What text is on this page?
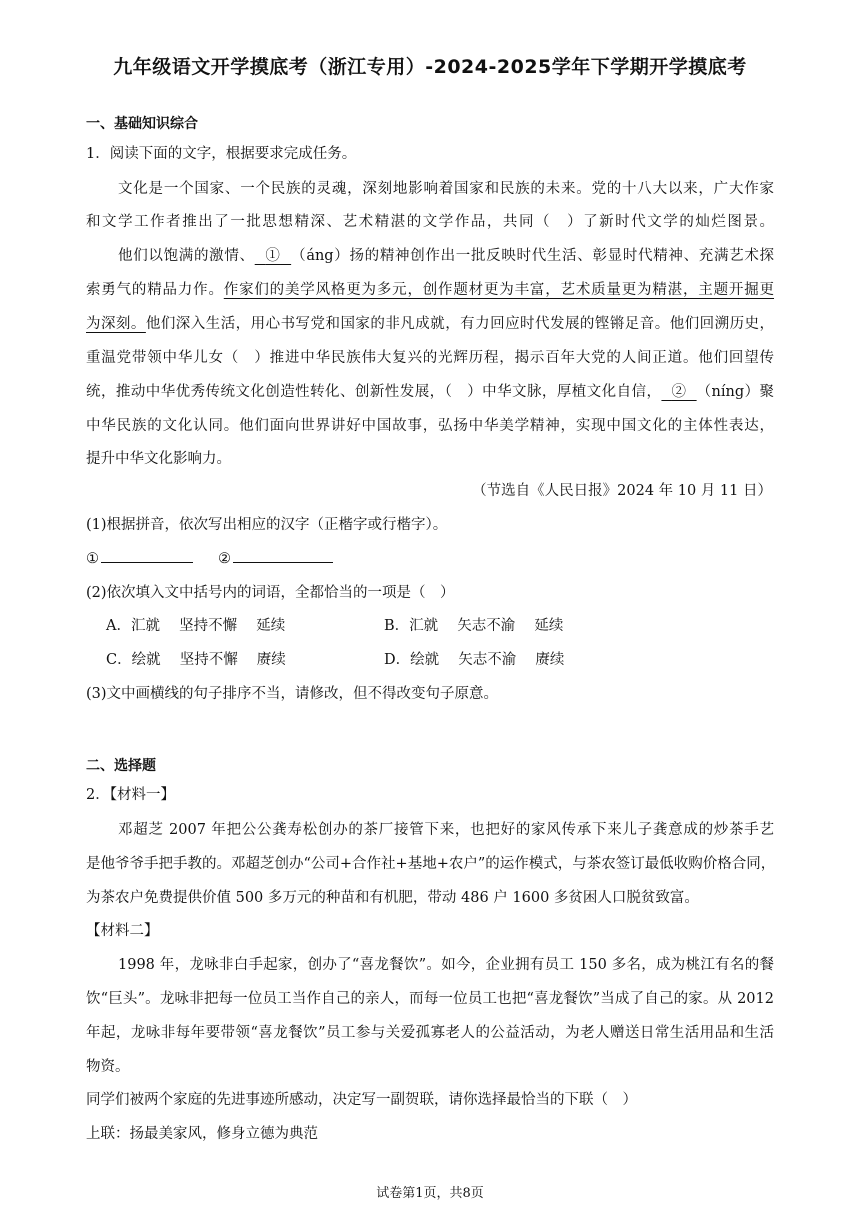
九年级语文开学摸底考（浙江专用）-2024-2025学年下学期开学摸底考
一、基础知识综合
1．阅读下面的文字，根据要求完成任务。
文化是一个国家、一个民族的灵魂，深刻地影响着国家和民族的未来。党的十八大以来，广大作家
和文学工作者推出了一批思想精深、艺术精湛的文学作品，共同（　）了新时代文学的灿烂图景。
他们以饱满的激情、 ① （áng）扬的精神创作出一批反映时代生活、彰显时代精神、充满艺术探
索勇气的精品力作。作家们的美学风格更为多元，创作题材更为丰富，艺术质量更为精湛，主题开掘更
为深刻。他们深入生活，用心书写党和国家的非凡成就，有力回应时代发展的铿锵足音。他们回溯历史，
重温党带领中华儿女（　）推进中华民族伟大复兴的光辉历程，揭示百年大党的人间正道。他们回望传
统，推动中华优秀传统文化创造性转化、创新性发展，（　）中华文脉，厚植文化自信， ② （níng）聚
中华民族的文化认同。他们面向世界讲好中国故事，弘扬中华美学精神，实现中国文化的主体性表达，
提升中华文化影响力。
（节选自《人民日报》2024 年 10 月 11 日）
(1)根据拼音，依次写出相应的汉字（正楷字或行楷字）。
①	②
(2)依次填入文中括号内的词语，全都恰当的一项是（　）
A．汇就　 坚持不懈　 延续	B．汇就　 矢志不渝　 延续
C．绘就　 坚持不懈　 赓续	D．绘就　 矢志不渝　 赓续
(3)文中画横线的句子排序不当，请修改，但不得改变句子原意。
二、选择题
2．【材料一】
邓超芝 2007 年把公公龚寿松创办的茶厂接管下来，也把好的家风传承下来儿子龚意成的炒茶手艺
是他爷爷手把手教的。邓超芝创办“公司+合作社+基地+农户”的运作模式，与茶农签订最低收购价格合同，
为茶农户免费提供价值 500 多万元的种苗和有机肥，带动 486 户 1600 多贫困人口脱贫致富。
【材料二】
1998 年，龙咏非白手起家，创办了“喜龙餐饮”。如今，企业拥有员工 150 多名，成为桃江有名的餐
饮“巨头”。龙咏非把每一位员工当作自己的亲人，而每一位员工也把“喜龙餐饮”当成了自己的家。从 2012
年起，龙咏非每年要带领“喜龙餐饮”员工参与关爱孤寡老人的公益活动，为老人赠送日常生活用品和生活
物资。
同学们被两个家庭的先进事迹所感动，决定写一副贺联，请你选择最恰当的下联（　）
上联：扬最美家风，修身立德为典范
试卷第1页，共8页
